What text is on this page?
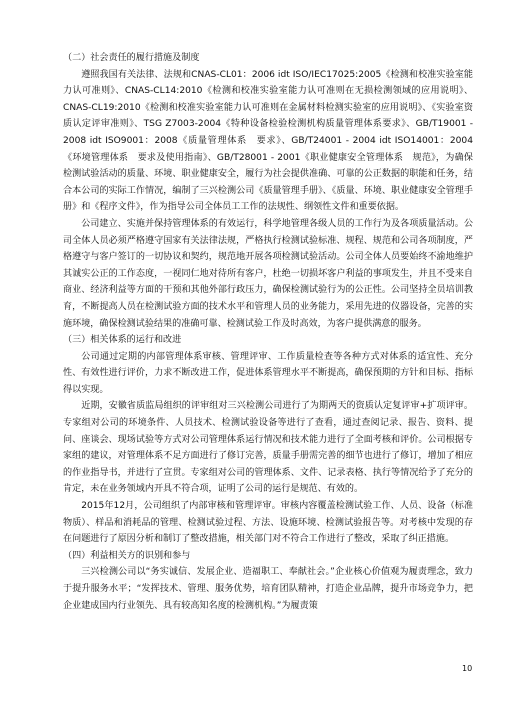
（二）社会责任的履行措施及制度

遵照我国有关法律、法规和CNAS-CL01：2006 idt ISO/IEC17025:2005《检测和校准实验室能力认可准则》、CNAS-CL14:2010《检测和校准实验室能力认可准则在无损检测领域的应用说明》、CNAS-CL19:2010《检测和校准实验室能力认可准则在金属材料检测实验室的应用说明》、《实验室资质认定评审准则》、TSG Z7003-2004《特种设备检验检测机构质量管理体系要求》、GB/T19001 - 2008 idt ISO9001：2008《质量管理体系　要求》、GB/T24001 - 2004 idt ISO14001：2004《环境管理体系　要求及使用指南》、GB/T28001 - 2001《职业健康安全管理体系　规范》，为确保检测试验活动的质量、环境、职业健康安全，履行为社会提供准确、可靠的公正数据的职能和任务，结合本公司的实际工作情况，编制了三兴检测公司《质量管理手册》、《质量、环境、职业健康安全管理手册》和《程序文件》，作为指导公司全体员工工作的法规性、纲领性文件和重要依据。

公司建立、实施并保持管理体系的有效运行，科学地管理各级人员的工作行为及各项质量活动。公司全体人员必须严格遵守国家有关法律法规，严格执行检测试验标准、规程、规范和公司各项制度，严格遵守与客户签订的一切协议和契约，规范地开展各项检测试验活动。公司全体人员要始终不渝地维护其诚实公正的工作态度，一视同仁地对待所有客户，杜绝一切损坏客户利益的事项发生，并且不受来自商业、经济利益等方面的干预和其他外部行政压力，确保检测试验行为的公正性。公司坚持全员培训教育，不断提高人员在检测试验方面的技术水平和管理人员的业务能力，采用先进的仪器设备，完善的实施环境，确保检测试验结果的准确可靠、检测试验工作及时高效，为客户提供满意的服务。

（三）相关体系的运行和改进

公司通过定期的内部管理体系审核、管理评审、工作质量检查等各种方式对体系的适宜性、充分性、有效性进行评价，力求不断改进工作，促进体系管理水平不断提高，确保预期的方针和目标、指标得以实现。

近期，安徽省质监局组织的评审组对三兴检测公司进行了为期两天的资质认定复评审+扩项评审。专家组对公司的环境条件、人员技术、检测试验设备等进行了查看，通过查阅记录、报告、资料、提问、座谈会、现场试验等方式对公司管理体系运行情况和技术能力进行了全面考核和评价。公司根据专家组的建议，对管理体系不足方面进行了修订完善，质量手册需完善的细节也进行了修订，增加了相应的作业指导书，并进行了宣贯。专家组对公司的管理体系、文件、记录表格、执行等情况给予了充分的肯定，未在业务领域内开具不符合项，证明了公司的运行是规范、有效的。

2015年12月，公司组织了内部审核和管理评审。审核内容覆盖检测试验工作、人员、设备（标准物质）、样品和消耗品的管理、检测试验过程、方法、设施环境、检测试验报告等。对考核中发现的存在问题进行了原因分析和制订了整改措施，相关部门对不符合工作进行了整改，采取了纠正措施。

（四）利益相关方的识别和参与

三兴检测公司以“务实诚信、发展企业、造福职工、奉献社会。”企业核心价值观为履责理念，致力于提升服务水平；“发挥技术、管理、服务优势，培育团队精神，打造企业品牌，提升市场竞争力，把企业建成国内行业领先、具有较高知名度的检测机构。”为履责策

10
